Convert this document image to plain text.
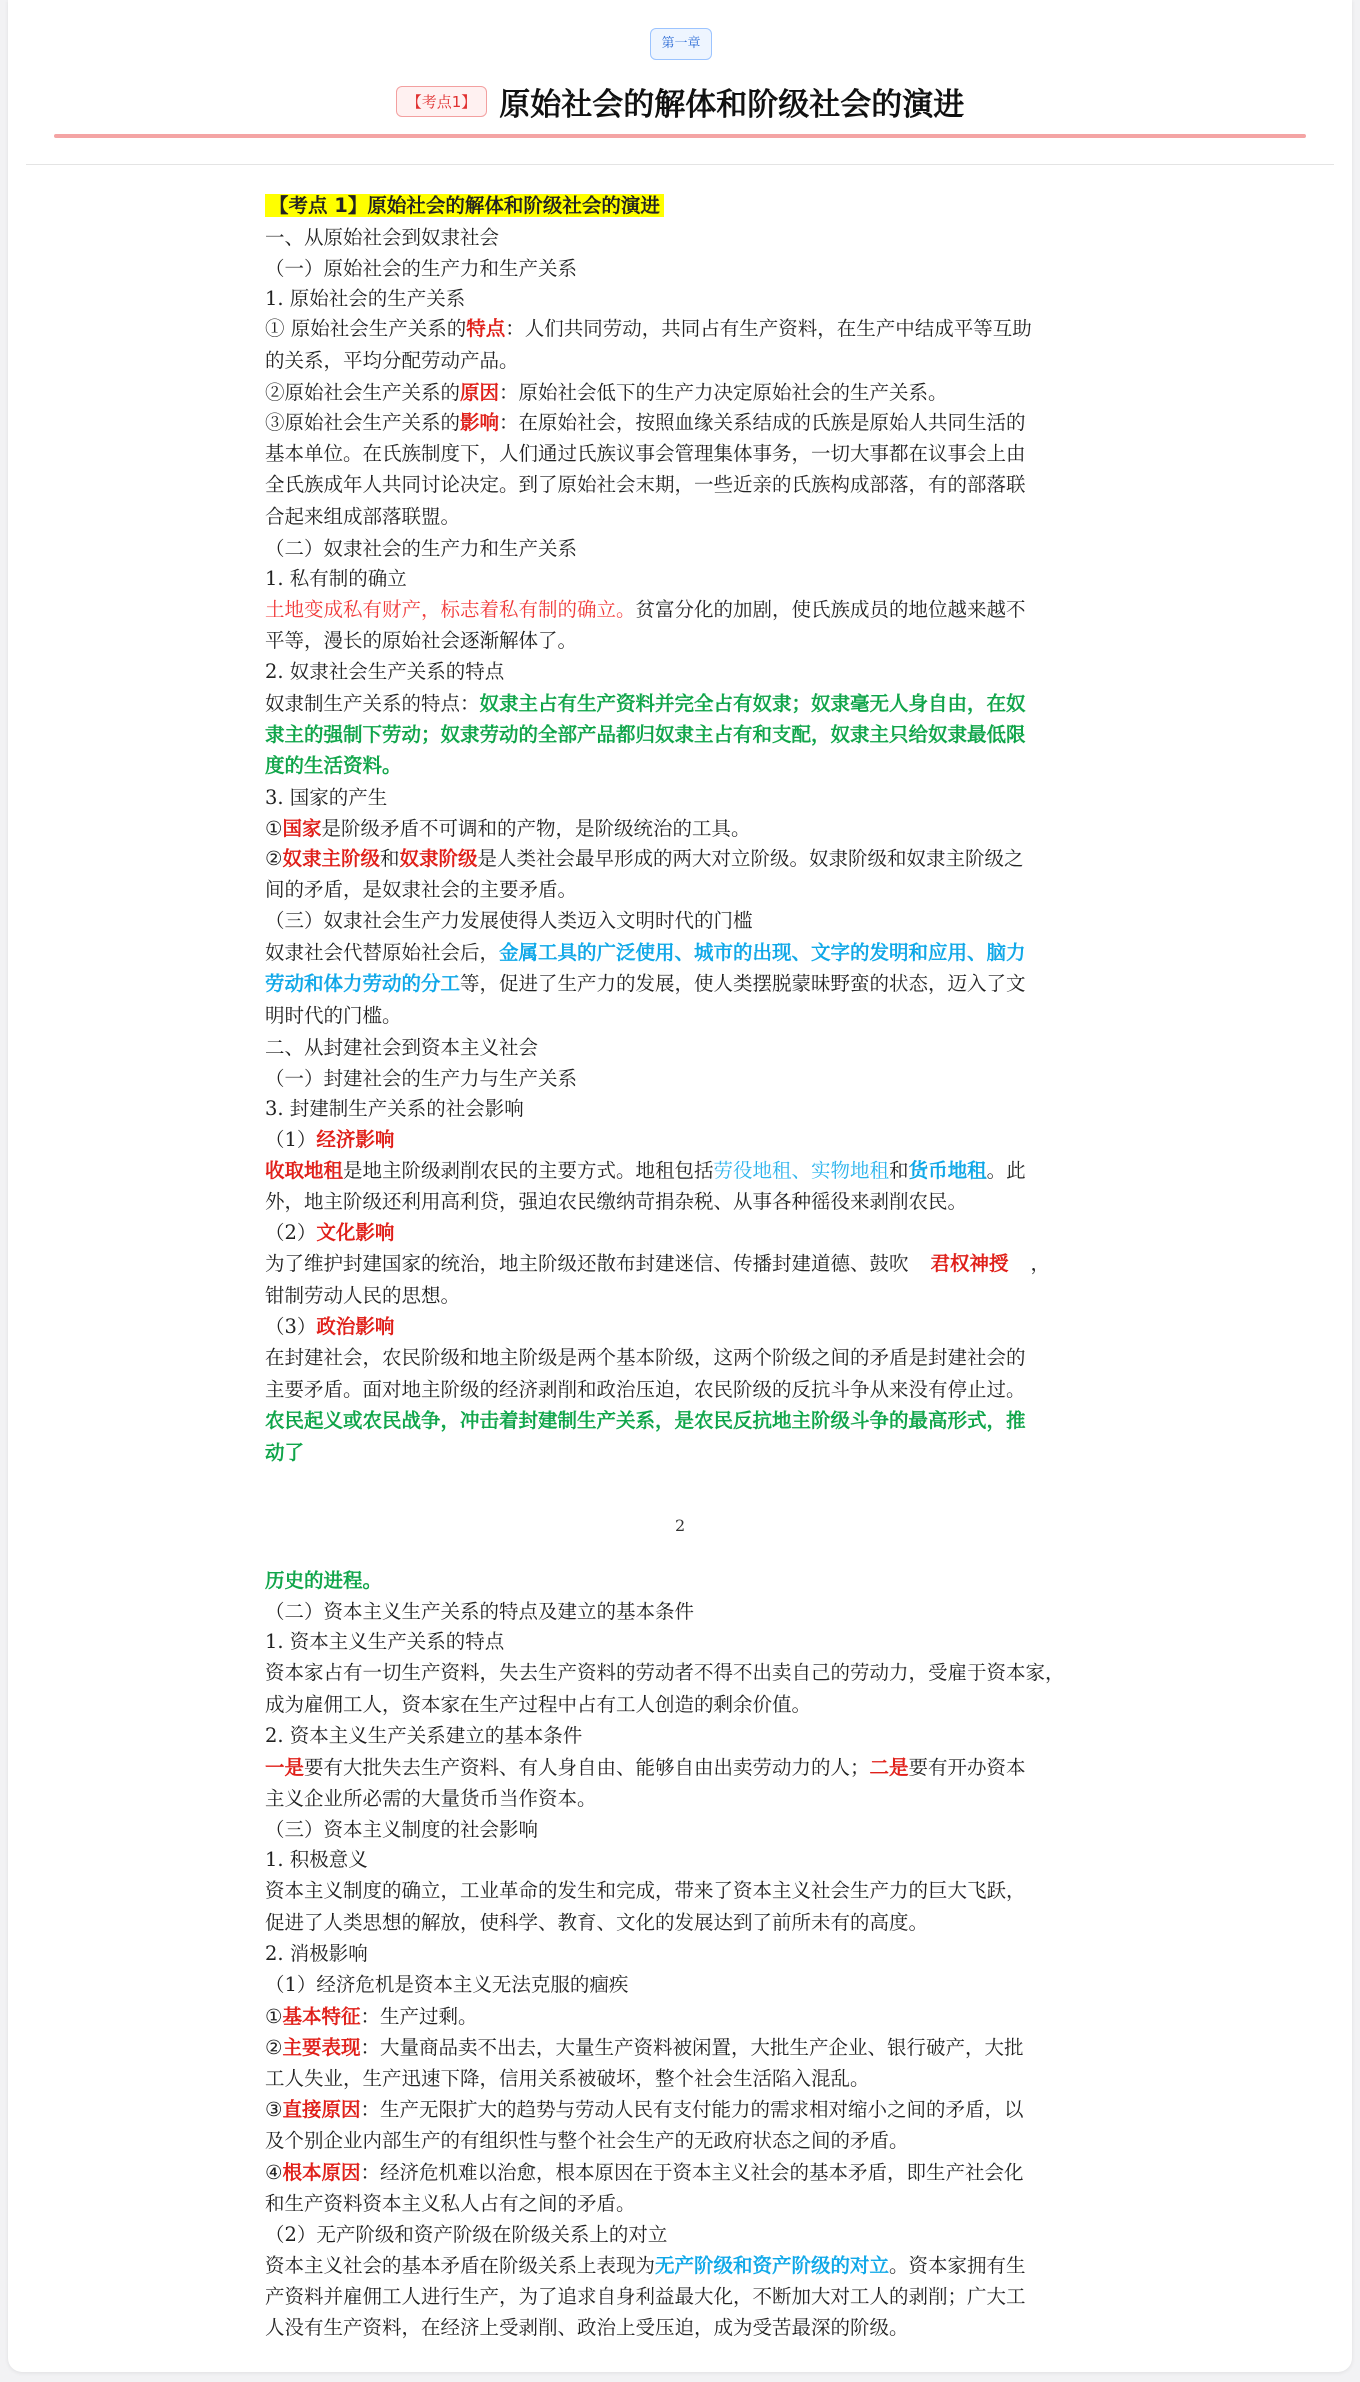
第一章
【考点1】 原始社会的解体和阶级社会的演进
【考点 1】原始社会的解体和阶级社会的演进
一、从原始社会到奴隶社会
（一）原始社会的生产力和生产关系
1. 原始社会的生产关系
① 原始社会生产关系的特点：人们共同劳动，共同占有生产资料，在生产中结成平等互助
的关系，平均分配劳动产品。
②原始社会生产关系的原因：原始社会低下的生产力决定原始社会的生产关系。
③原始社会生产关系的影响：在原始社会，按照血缘关系结成的氏族是原始人共同生活的
基本单位。在氏族制度下，人们通过氏族议事会管理集体事务，一切大事都在议事会上由
全氏族成年人共同讨论决定。到了原始社会末期，一些近亲的氏族构成部落，有的部落联
合起来组成部落联盟。
（二）奴隶社会的生产力和生产关系
1. 私有制的确立
土地变成私有财产，标志着私有制的确立。贫富分化的加剧，使氏族成员的地位越来越不
平等，漫长的原始社会逐渐解体了。
2. 奴隶社会生产关系的特点
奴隶制生产关系的特点：奴隶主占有生产资料并完全占有奴隶；奴隶毫无人身自由，在奴
隶主的强制下劳动；奴隶劳动的全部产品都归奴隶主占有和支配，奴隶主只给奴隶最低限
度的生活资料。
3. 国家的产生
①国家是阶级矛盾不可调和的产物，是阶级统治的工具。
②奴隶主阶级和奴隶阶级是人类社会最早形成的两大对立阶级。奴隶阶级和奴隶主阶级之
间的矛盾，是奴隶社会的主要矛盾。
（三）奴隶社会生产力发展使得人类迈入文明时代的门槛
奴隶社会代替原始社会后，金属工具的广泛使用、城市的出现、文字的发明和应用、脑力
劳动和体力劳动的分工等，促进了生产力的发展，使人类摆脱蒙昧野蛮的状态，迈入了文
明时代的门槛。
二、从封建社会到资本主义社会
（一）封建社会的生产力与生产关系
3. 封建制生产关系的社会影响
（1）经济影响
收取地租是地主阶级剥削农民的主要方式。地租包括劳役地租、实物地租和货币地租。此
外，地主阶级还利用高利贷，强迫农民缴纳苛捐杂税、从事各种徭役来剥削农民。
（2）文化影响
为了维护封建国家的统治，地主阶级还散布封建迷信、传播封建道德、鼓吹 君权神授 ，
钳制劳动人民的思想。
（3）政治影响
在封建社会，农民阶级和地主阶级是两个基本阶级，这两个阶级之间的矛盾是封建社会的
主要矛盾。面对地主阶级的经济剥削和政治压迫，农民阶级的反抗斗争从来没有停止过。
农民起义或农民战争，冲击着封建制生产关系，是农民反抗地主阶级斗争的最高形式，推
动了
历史的进程。
（二）资本主义生产关系的特点及建立的基本条件
1. 资本主义生产关系的特点
资本家占有一切生产资料，失去生产资料的劳动者不得不出卖自己的劳动力，受雇于资本家，
成为雇佣工人，资本家在生产过程中占有工人创造的剩余价值。
2. 资本主义生产关系建立的基本条件
一是要有大批失去生产资料、有人身自由、能够自由出卖劳动力的人；二是要有开办资本
主义企业所必需的大量货币当作资本。
（三）资本主义制度的社会影响
1. 积极意义
资本主义制度的确立，工业革命的发生和完成，带来了资本主义社会生产力的巨大飞跃，
促进了人类思想的解放，使科学、教育、文化的发展达到了前所未有的高度。
2. 消极影响
（1）经济危机是资本主义无法克服的痼疾
①基本特征：生产过剩。
②主要表现：大量商品卖不出去，大量生产资料被闲置，大批生产企业、银行破产，大批
工人失业，生产迅速下降，信用关系被破坏，整个社会生活陷入混乱。
③直接原因：生产无限扩大的趋势与劳动人民有支付能力的需求相对缩小之间的矛盾，以
及个别企业内部生产的有组织性与整个社会生产的无政府状态之间的矛盾。
④根本原因：经济危机难以治愈，根本原因在于资本主义社会的基本矛盾，即生产社会化
和生产资料资本主义私人占有之间的矛盾。
（2）无产阶级和资产阶级在阶级关系上的对立
资本主义社会的基本矛盾在阶级关系上表现为无产阶级和资产阶级的对立。资本家拥有生
产资料并雇佣工人进行生产，为了追求自身利益最大化，不断加大对工人的剥削；广大工
人没有生产资料，在经济上受剥削、政治上受压迫，成为受苦最深的阶级。
2
